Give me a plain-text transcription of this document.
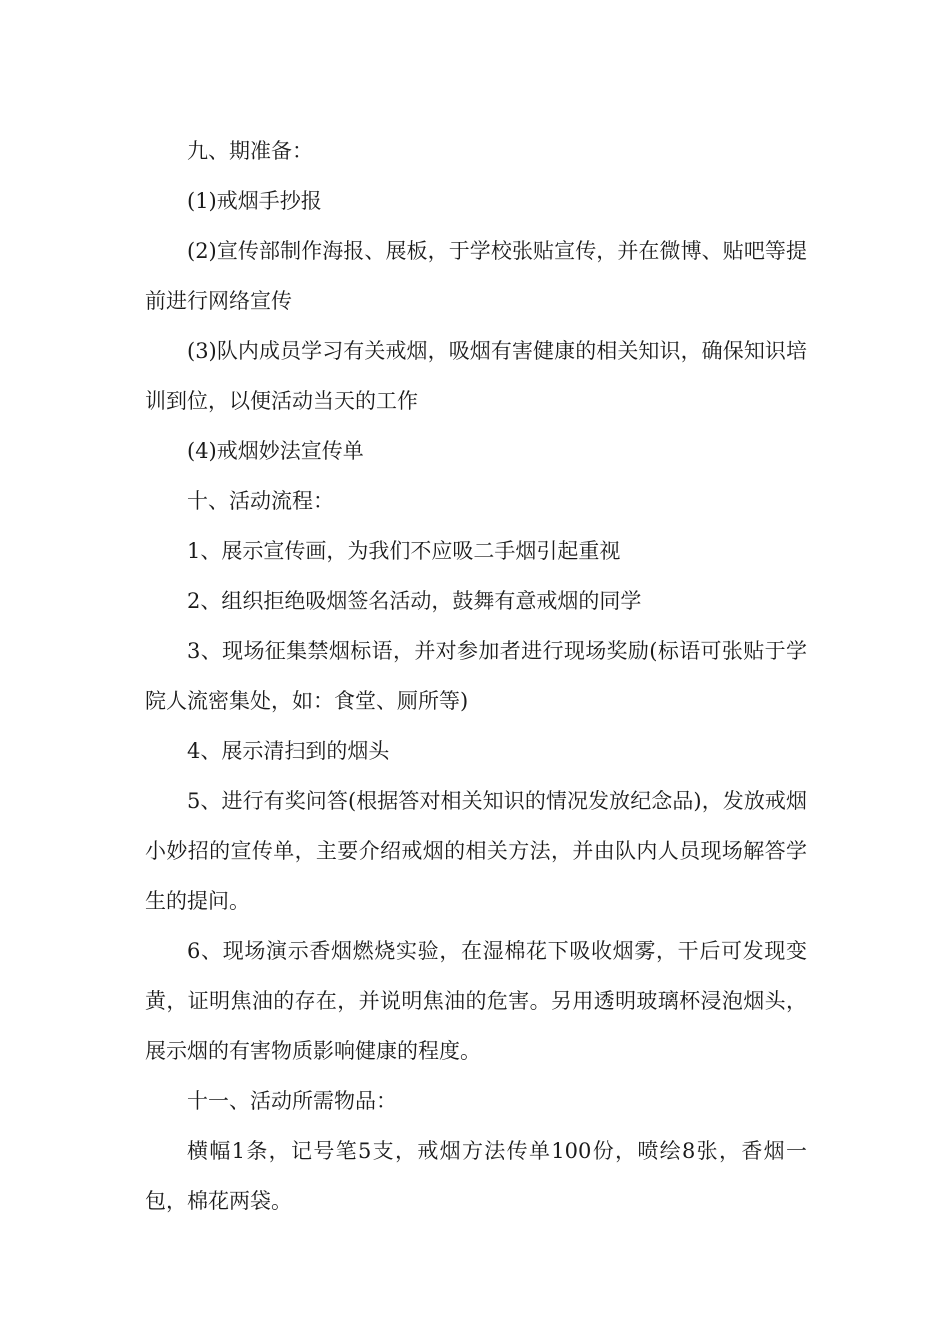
九、期准备：

(1)戒烟手抄报

(2)宣传部制作海报、展板，于学校张贴宣传，并在微博、贴吧等提前进行网络宣传

(3)队内成员学习有关戒烟，吸烟有害健康的相关知识，确保知识培训到位，以便活动当天的工作

(4)戒烟妙法宣传单

十、活动流程：

1、展示宣传画，为我们不应吸二手烟引起重视

2、组织拒绝吸烟签名活动，鼓舞有意戒烟的同学

3、现场征集禁烟标语，并对参加者进行现场奖励(标语可张贴于学院人流密集处，如：食堂、厕所等)

4、展示清扫到的烟头

5、进行有奖问答(根据答对相关知识的情况发放纪念品)，发放戒烟小妙招的宣传单，主要介绍戒烟的相关方法，并由队内人员现场解答学生的提问。

6、现场演示香烟燃烧实验，在湿棉花下吸收烟雾，干后可发现变黄，证明焦油的存在，并说明焦油的危害。另用透明玻璃杯浸泡烟头，展示烟的有害物质影响健康的程度。

十一、活动所需物品：

横幅1条，记号笔5支，戒烟方法传单100份，喷绘8张，香烟一包，棉花两袋。
